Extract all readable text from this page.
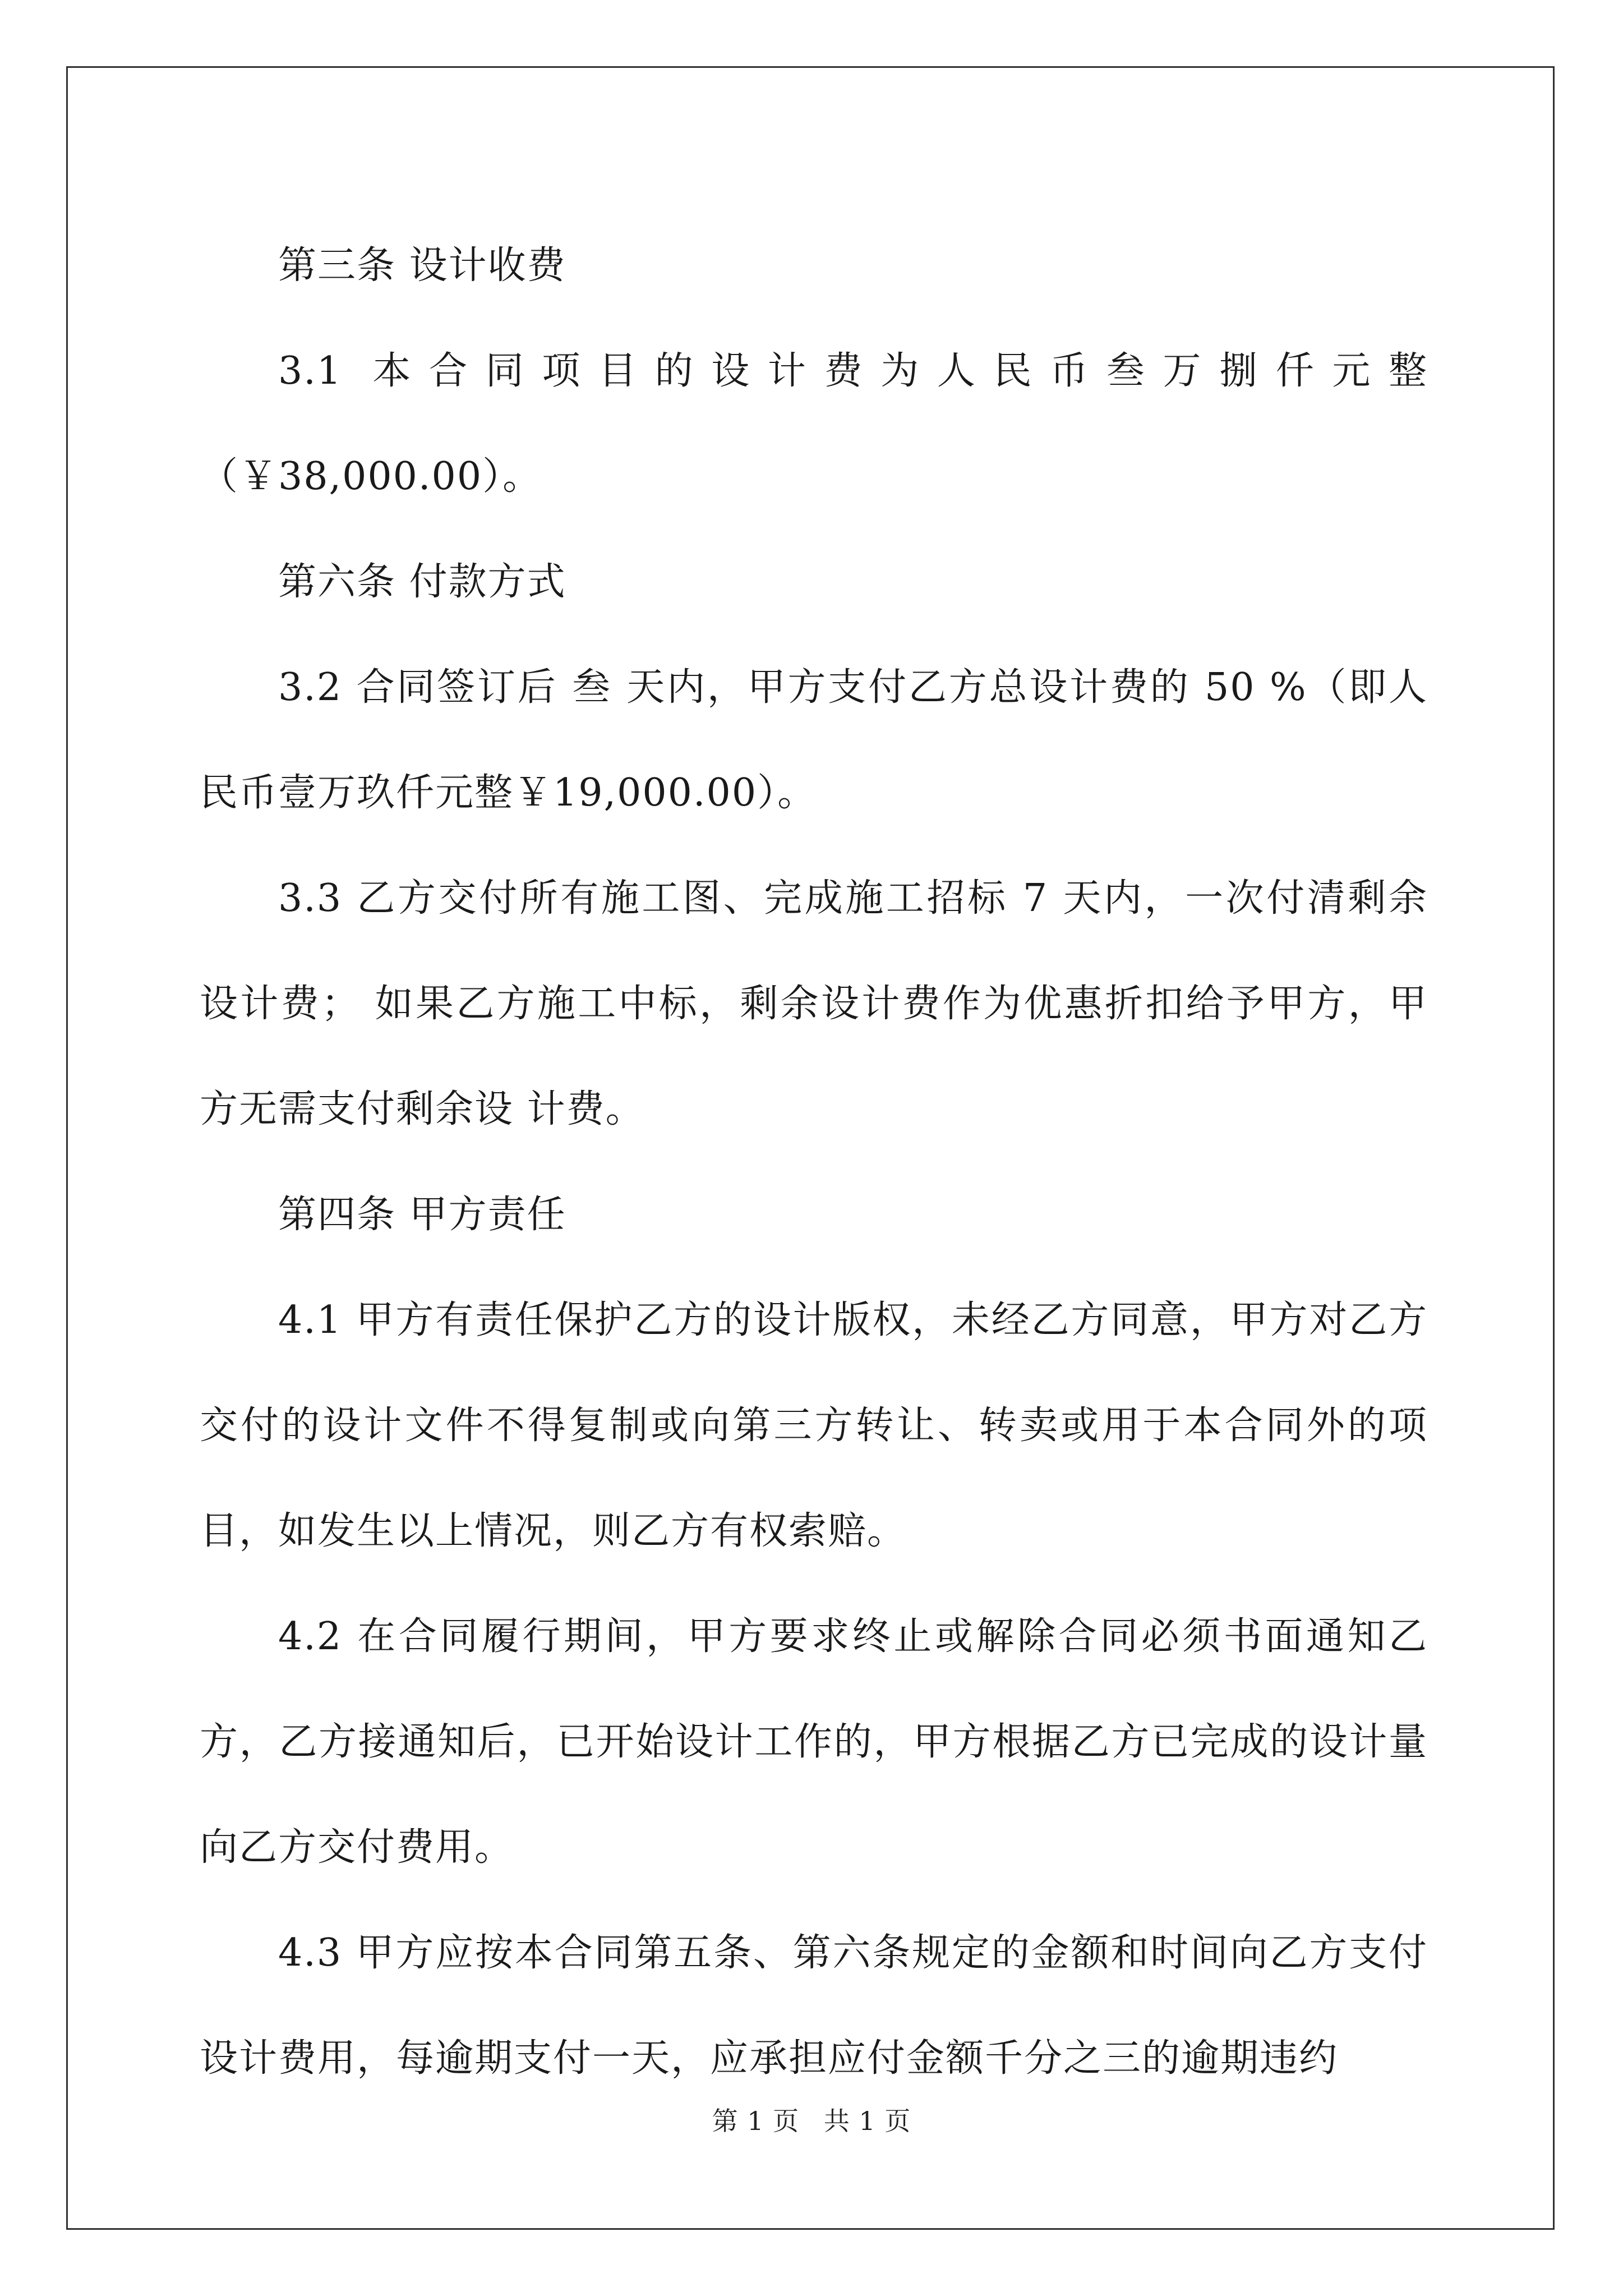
第三条 设计收费

3.1 本合同项目的设计费为人民币叁万捌仟元整（￥38,000.00）。

第六条 付款方式

3.2 合同签订后 叁 天内，甲方支付乙方总设计费的 50 %（即人民币壹万玖仟元整￥19,000.00）。

3.3 乙方交付所有施工图、完成施工招标 7 天内，一次付清剩余设计费； 如果乙方施工中标，剩余设计费作为优惠折扣给予甲方，甲方无需支付剩余设 计费。

第四条 甲方责任

4.1 甲方有责任保护乙方的设计版权，未经乙方同意，甲方对乙方交付的设计文件不得复制或向第三方转让、转卖或用于本合同外的项目，如发生以上情况，则乙方有权索赔。

4.2 在合同履行期间，甲方要求终止或解除合同必须书面通知乙方，乙方接通知后，已开始设计工作的，甲方根据乙方已完成的设计量向乙方交付费用。

4.3 甲方应按本合同第五条、第六条规定的金额和时间向乙方支付设计费用，每逾期支付一天，应承担应付金额千分之三的逾期违约

第 1 页 共 1 页
